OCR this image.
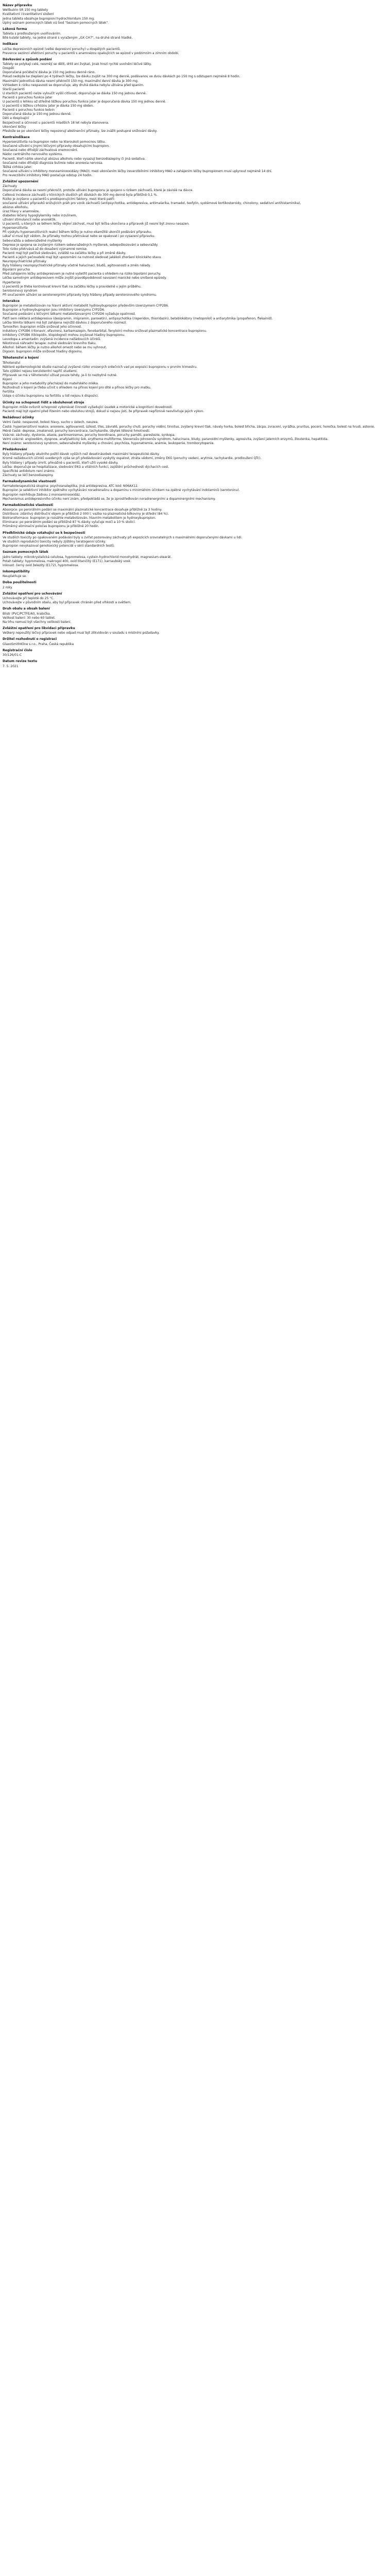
Název přípravku
Wellbutrin SR 150 mg tablety
Kvalitativní i kvantitativní složení
Jedna tableta obsahuje bupropioni hydrochloridum 150 mg.
Úplný seznam pomocných látek viz bod "Seznam pomocných látek".
Léková forma
Tableta s prodlouženým uvolňováním.
Bílé kulaté tablety, na jedné straně s vyraženým „GX CH7“, na druhé straně hladké.
Indikace
Léčba depresivních epizod (velké depresivní poruchy) u dospělých pacientů.
Prevence sezónní afektivní poruchy u pacientů s anamnézou opakujících se epizod v podzimním a zimním období.
Dávkování a způsob podání
Tablety se polykají celé, nesmějí se dělit, drtit ani žvýkat, jinak hrozí rychlé uvolnění léčivé látky.
Dospělí
Doporučená počáteční dávka je 150 mg jednou denně ráno.
Pokud nedojde ke zlepšení po 4 týdnech léčby, lze dávku zvýšit na 300 mg denně, podávanou ve dvou dávkách po 150 mg s odstupem nejméně 8 hodin.
Maximální jednotlivá dávka nesmí překročit 150 mg, maximální denní dávka je 300 mg.
Vzhledem k riziku nespavosti se doporučuje, aby druhá dávka nebyla užívána před spaním.
Starší pacienti
U starších pacientů nelze vyloučit vyšší citlivost, doporučuje se dávka 150 mg jednou denně.
Pacienti s poruchou funkce jater
U pacientů s lehkou až středně těžkou poruchou funkce jater je doporučená dávka 150 mg jednou denně.
U pacientů s těžkou cirhózou jater je dávka 150 mg obden.
Pacienti s poruchou funkce ledvin
Doporučená dávka je 150 mg jednou denně.
Děti a dospívající
Bezpečnost a účinnost u pacientů mladších 18 let nebyla stanovena.
Ukončení léčby
Přestože se po ukončení léčby nepozorují abstinenční příznaky, lze zvážit postupné snižování dávky.
Kontraindikace
Hypersenzitivita na bupropion nebo na kteroukoli pomocnou látku.
Současné užívání s jinými léčivými přípravky obsahujícími bupropion.
Současná nebo dřívější záchvatová onemocnění.
Nádor centrálního nervového systému.
Pacienti, kteří náhle ukončují abúzus alkoholu nebo vysazují benzodiazepiny či jiná sedativa.
Současná nebo dřívější diagnóza bulimie nebo anorexia nervosa.
Těžká cirhóza jater.
Současné užívání s inhibitory monoaminooxidázy (MAO); mezi ukončením léčby ireverzibilními inhibitory MAO a zahájením léčby bupropionem musí uplynout nejméně 14 dní.
Pro reverzibilní inhibitory MAO postačuje odstup 24 hodin.
Zvláštní upozornění
Záchvaty
Doporučená dávka se nesmí překročit, protože užívání bupropionu je spojeno s rizikem záchvatů, které je závislé na dávce.
Celková incidence záchvatů v klinických studiích při dávkách do 300 mg denně byla přibližně 0,1 %.
Riziko je zvýšeno u pacientů s predisponujícími faktory, mezi které patří:
současné užívání přípravků snižujících práh pro vznik záchvatů (antipsychotika, antidepresiva, antimalarika, tramadol, teofylin, systémové kortikosteroidy, chinolony, sedativní antihistaminika),
abúzus alkoholu,
úraz hlavy v anamnéze,
diabetes léčený hypoglykemiky nebo inzulinem,
užívání stimulancií nebo anorektik.
U pacientů, u kterých se během léčby objeví záchvat, musí být léčba ukončena a přípravek již nesmí být znovu nasazen.
Hypersenzitivita
Při výskytu hypersenzitivních reakcí během léčby je nutno okamžitě ukončit podávání přípravku.
Lékař si musí být vědom, že příznaky mohou přetrvávat nebo se opakovat i po vysazení přípravku.
Sebevražda a sebevražedné myšlenky
Deprese je spojena se zvýšeným rizikem sebevražedných myšlenek, sebepoškozování a sebevraždy.
Toto riziko přetrvává až do dosažení významné remise.
Pacienti mají být pečlivě sledováni, zvláště na začátku léčby a při změně dávky.
Pacienti a jejich pečovatelé mají být upozorněni na nutnost sledovat jakékoli zhoršení klinického stavu.
Neuropsychiatrické příznaky
Byly hlášeny neuropsychiatrické příznaky včetně halucinací, bludů, agitovanosti a změn nálady.
Bipolární porucha
Před zahájením léčby antidepresivem je nutné vyšetřit pacienta s ohledem na riziko bipolární poruchy.
Léčba samotným antidepresivem může zvýšit pravděpodobnost navození manické nebo smíšené epizody.
Hypertenze
U pacientů je třeba kontrolovat krevní tlak na začátku léčby a pravidelně v jejím průběhu.
Serotoninový syndrom
Při současném užívání se serotonergními přípravky byly hlášeny případy serotoninového syndromu.
Interakce
Bupropion je metabolizován na hlavní aktivní metabolit hydroxybupropion především izoenzymem CYP2B6.
Bupropion a hydroxybupropion jsou inhibitory izoenzymu CYP2D6.
Současné podávání s léčivými látkami metabolizovanými CYP2D6 vyžaduje opatrnost.
Patří sem některá antidepresiva (desipramin, imipramin, paroxetin), antipsychotika (risperidon, thioridazin), betablokátory (metoprolol) a antiarytmika (propafenon, flekainid).
Léčba těmito látkami má být zahájena nejnižší dávkou z doporučeného rozmezí.
Tamoxifen: bupropion může snižovat jeho účinnost.
Induktory CYP2B6 (ritonavir, efavirenz, karbamazepin, fenobarbital, fenytoin) mohou snižovat plazmatické koncentrace bupropionu.
Inhibitory CYP2B6 (tiklopidin, klopidogrel) mohou zvyšovat hladiny bupropionu.
Levodopa a amantadin: zvýšená incidence nežádoucích účinků.
Nikotinová náhradní terapie: nutné sledování krevního tlaku.
Alkohol: během léčby je nutno alkohol omezit nebo se mu vyhnout.
Digoxin: bupropion může snižovat hladiny digoxinu.
Těhotenství a kojení
Těhotenství
Některé epidemiologické studie naznačují zvýšené riziko vrozených srdečních vad po expozici bupropionu v prvním trimestru.
Tato zjištění nejsou konzistentní napříč studiemi.
Přípravek se má v těhotenství užívat pouze tehdy, je-li to nezbytně nutné.
Kojení
Bupropion a jeho metabolity přecházejí do mateřského mléka.
Rozhodnutí o kojení je třeba učinit s ohledem na přínos kojení pro dítě a přínos léčby pro matku.
Fertilita
Údaje o účinku bupropionu na fertilitu u lidí nejsou k dispozici.
Účinky na schopnost řídit a obsluhovat stroje
Bupropion může ovlivnit schopnost vykonávat činnosti vyžadující úsudek a motorické a kognitivní dovednosti.
Pacienti mají být opatrní před řízením nebo obsluhou strojů, dokud si nejsou jisti, že přípravek nepříznivě neovlivňuje jejich výkon.
Nežádoucí účinky
Velmi časté: nespavost, bolest hlavy, sucho v ústech, nauzea.
Časté: hypersenzitivní reakce, anorexie, agitovanost, úzkost, třes, závratě, poruchy chuti, poruchy vidění, tinnitus, zvýšený krevní tlak, návaly horka, bolest břicha, zácpa, zvracení, vyrážka, pruritus, pocení, horečka, bolest na hrudi, astenie.
Méně časté: deprese, zmatenost, poruchy koncentrace, tachykardie, úbytek tělesné hmotnosti.
Vzácné: záchvaty, dystonie, ataxie, parkinsonismus, poruchy koordinace, poruchy paměti, parestezie, synkopa.
Velmi vzácné: angioedém, dyspnoe, anafylaktický šok, erythema multiforme, Stevensův-Johnsonův syndrom, halucinace, bludy, paranoidní myšlenky, agresivita, zvýšení jaterních enzymů, žloutenka, hepatitida.
Není známo: serotoninový syndrom, sebevražedné myšlenky a chování, psychóza, hyponatremie, anémie, leukopenie, trombocytopenie.
Předávkování
Byly hlášeny případy akutního požití dávek vyšších než desetinásobek maximální terapeutické dávky.
Kromě nežádoucích účinků uvedených výše se při předávkování vyskytly ospalost, ztráta vědomí, změny EKG (poruchy vedení, arytmie, tachykardie, prodloužení QTc).
Byly hlášeny i případy úmrtí, převážně u pacientů, kteří užili vysoké dávky.
Léčba: doporučuje se hospitalizace, sledování EKG a vitálních funkcí, zajištění průchodnosti dýchacích cest.
Specifické antidotum není známo.
Záchvaty se léčí benzodiazepiny.
Farmakodynamické vlastnosti
Farmakoterapeutická skupina: psychoanaleptika, jiná antidepresiva, ATC kód: N06AX12.
Bupropion je selektivní inhibitor zpětného vychytávání noradrenalinu a dopaminu s minimálním účinkem na zpětné vychytávání indolaminů (serotoninu).
Bupropion neinhibuje žádnou z monoaminooxidáz.
Mechanismus antidepresivního účinku není znám, předpokládá se, že je zprostředkován noradrenergními a dopaminergními mechanismy.
Farmakokinetické vlastnosti
Absorpce: po perorálním podání se maximální plazmatické koncentrace dosahuje přibližně za 3 hodiny.
Distribuce: zdánlivý distribuční objem je přibližně 2 000 l; vazba na plazmatické bílkoviny je střední (84 %).
Biotransformace: bupropion je rozsáhle metabolizován, hlavním metabolitem je hydroxybupropion.
Eliminace: po perorálním podání se přibližně 87 % dávky vylučuje močí a 10 % stolicí.
Průměrný eliminační poločas bupropionu je přibližně 20 hodin.
Předklinické údaje vztahující se k bezpečnosti
Ve studiích toxicity po opakovaném podávání byly u zvířat pozorovány záchvaty při expozicích srovnatelných s maximálními doporučenými dávkami u lidí.
Ve studiích reprodukční toxicity nebyly zjištěny teratogenní účinky.
Bupropion nevykazoval genotoxický potenciál v sérii standardních testů.
Seznam pomocných látek
Jádro tablety: mikrokrystalická celulosa, hypromelosa, cystein-hydrochlorid monohydrát, magnesium-stearát.
Potah tablety: hypromelosa, makrogol 400, oxid titaničitý (E171), karnaubský vosk.
Inkoust: černý oxid železitý (E172), hypromelosa.
Inkompatibility
Neuplatňuje se.
Doba použitelnosti
2 roky.
Zvláštní opatření pro uchovávání
Uchovávejte při teplotě do 25 °C.
Uchovávejte v původním obalu, aby byl přípravek chráněn před vlhkostí a světlem.
Druh obalu a obsah balení
Blistr (PVC/PCTFE/Al), krabička.
Velikost balení: 30 nebo 60 tablet.
Na trhu nemusí být všechny velikosti balení.
Zvláštní opatření pro likvidaci přípravku
Veškerý nepoužitý léčivý přípravek nebo odpad musí být zlikvidován v souladu s místními požadavky.
Držitel rozhodnutí o registraci
GlaxoSmithKline s.r.o., Praha, Česká republika
Registrační číslo
30/126/01-C
Datum revize textu
7. 5. 2021
